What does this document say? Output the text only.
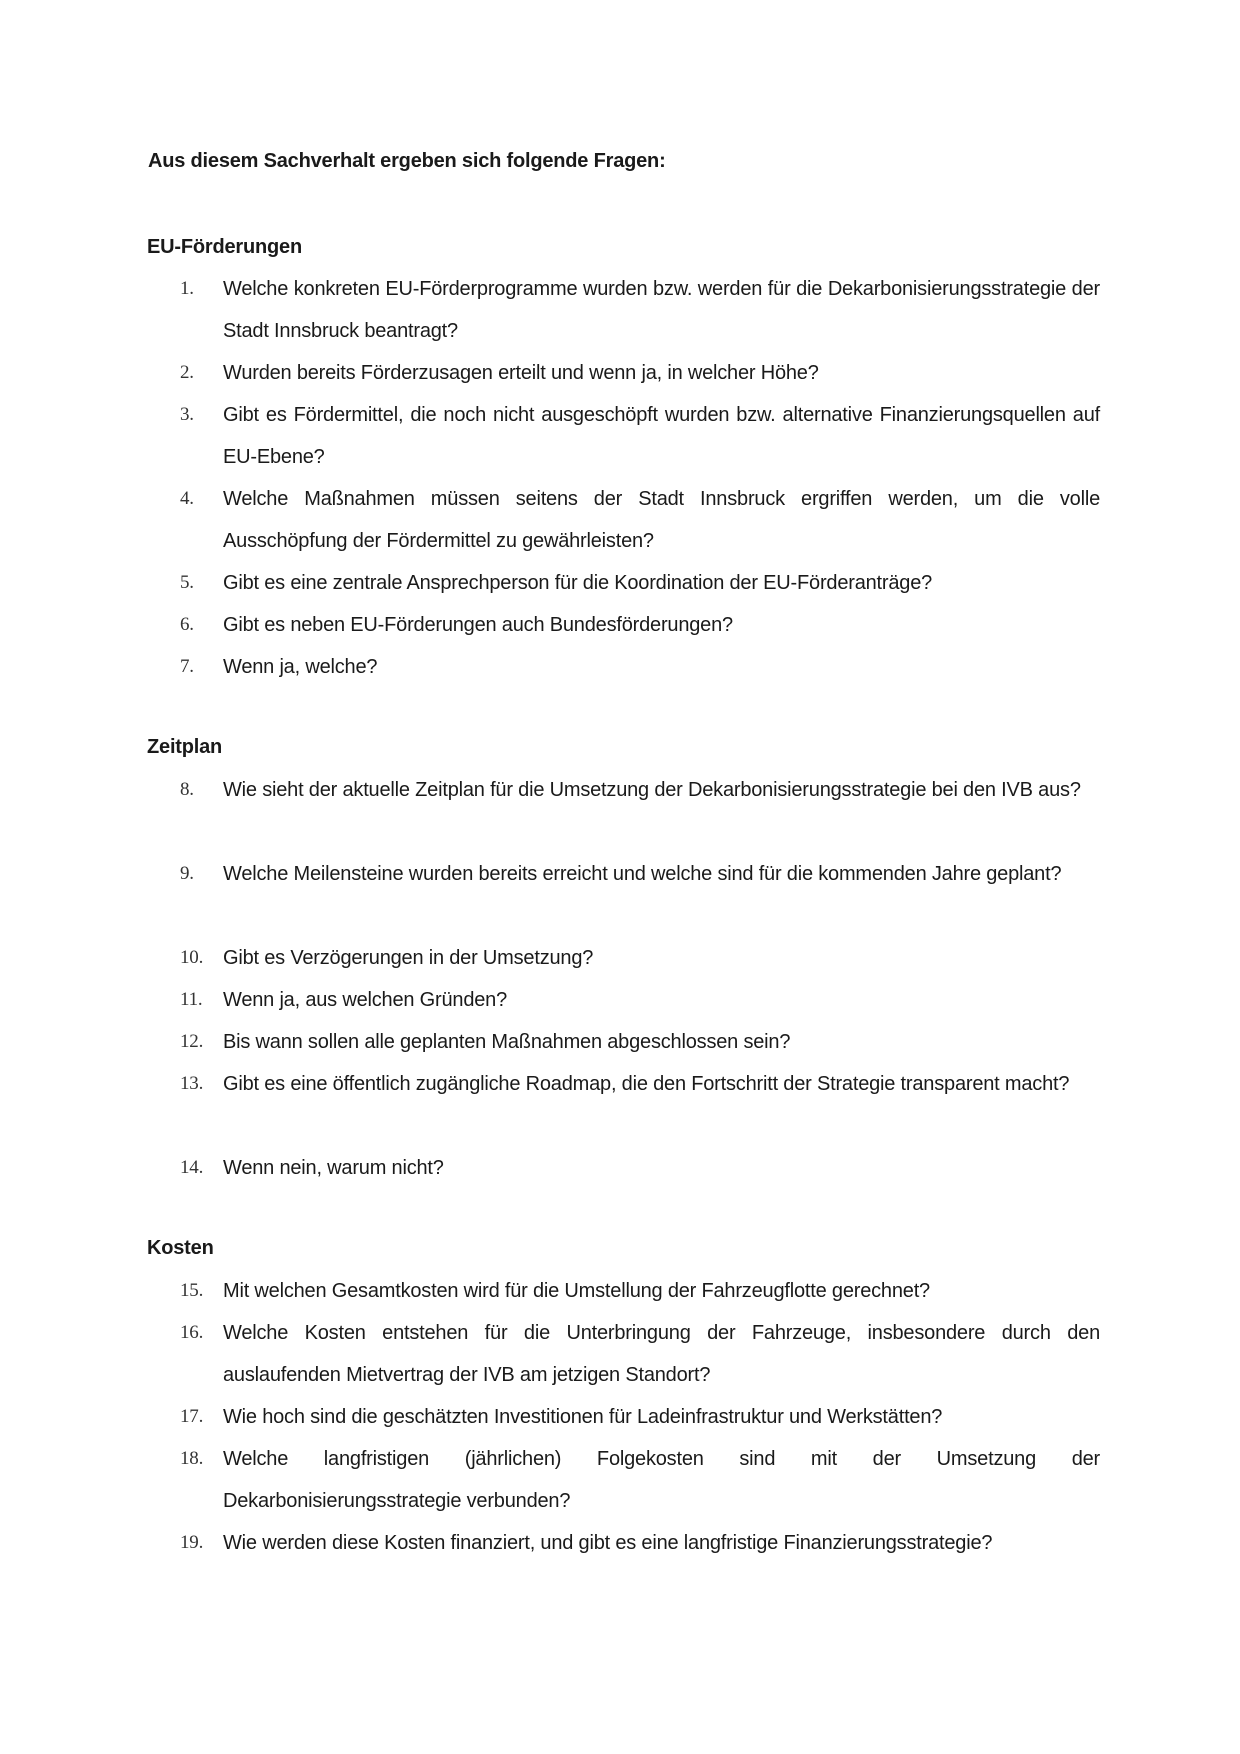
Aus diesem Sachverhalt ergeben sich folgende Fragen:
EU-Förderungen
1.	Welche konkreten EU-Förderprogramme wurden bzw. werden für die Dekarbonisierungsstrategie der Stadt Innsbruck beantragt?
2.	Wurden bereits Förderzusagen erteilt und wenn ja, in welcher Höhe?
3.	Gibt es Fördermittel, die noch nicht ausgeschöpft wurden bzw. alternative Finanzierungsquellen auf EU-Ebene?
4.	Welche Maßnahmen müssen seitens der Stadt Innsbruck ergriffen werden, um die volle Ausschöpfung der Fördermittel zu gewährleisten?
5.	Gibt es eine zentrale Ansprechperson für die Koordination der EU-Förderanträge?
6.	Gibt es neben EU-Förderungen auch Bundesförderungen?
7.	Wenn ja, welche?
Zeitplan
8.	Wie sieht der aktuelle Zeitplan für die Umsetzung der Dekarbonisierungsstrategie bei den IVB aus?
9.	Welche Meilensteine wurden bereits erreicht und welche sind für die kommenden Jahre geplant?
10. Gibt es Verzögerungen in der Umsetzung?
11.	Wenn ja, aus welchen Gründen?
12. Bis wann sollen alle geplanten Maßnahmen abgeschlossen sein?
13. Gibt es eine öffentlich zugängliche Roadmap, die den Fortschritt der Strategie transparent macht?
14. Wenn nein, warum nicht?
Kosten
15. Mit welchen Gesamtkosten wird für die Umstellung der Fahrzeugflotte gerechnet?
16. Welche Kosten entstehen für die Unterbringung der Fahrzeuge, insbesondere durch den auslaufenden Mietvertrag der IVB am jetzigen Standort?
17. Wie hoch sind die geschätzten Investitionen für Ladeinfrastruktur und Werkstätten?
18. Welche langfristigen (jährlichen) Folgekosten sind mit der Umsetzung der Dekarbonisierungsstrategie verbunden?
19. Wie werden diese Kosten finanziert, und gibt es eine langfristige Finanzierungsstrategie?
